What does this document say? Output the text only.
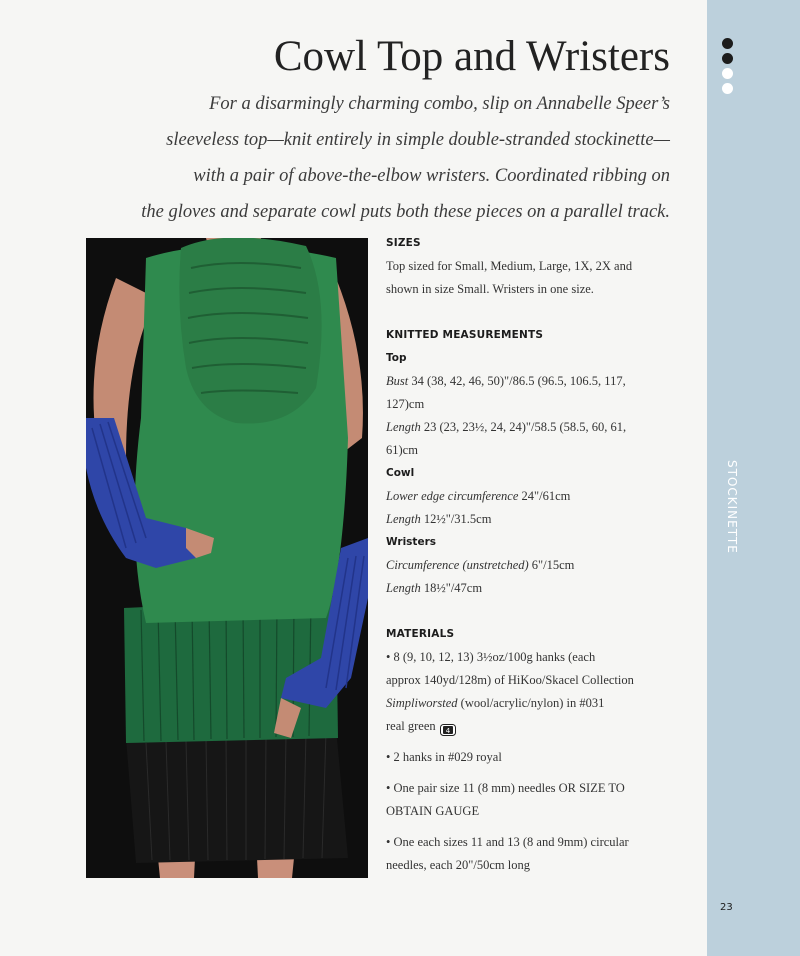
23
Cowl Top and Wristers

For a disarmingly charming combo, slip on Annabelle Speer’s
sleeveless top—knit entirely in simple double-stranded stockinette—
with a pair of above-the-elbow wristers. Coordinated ribbing on
the gloves and separate cowl puts both these pieces on a parallel track.

SIZES
Top sized for Small, Medium, Large, 1X, 2X and
shown in size Small. Wristers in one size.
KNITTED MEASUREMENTS
Top
Bust 34 (38, 42, 46, 50)"/86.5 (96.5, 106.5, 117,
127)cm
Length 23 (23, 23½, 24, 24)"/58.5 (58.5, 60, 61,
61)cm
Cowl
Lower edge circumference 24"/61cm
Length 12½"/31.5cm
Wristers
Circumference (unstretched) 6"/15cm
Length 18½"/47cm
MATERIALS
• 8 (9, 10, 12, 13) 3½oz/100g hanks (each
approx 140yd/128m) of HiKoo/Skacel Collection
Simpliworsted (wool/acrylic/nylon) in #031
real green 4
• 2 hanks in #029 royal
• One pair size 11 (8 mm) needles OR SIZE TO
OBTAIN GAUGE
• One each sizes 11 and 13 (8 and 9mm) circular
needles, each 20"/50cm long
